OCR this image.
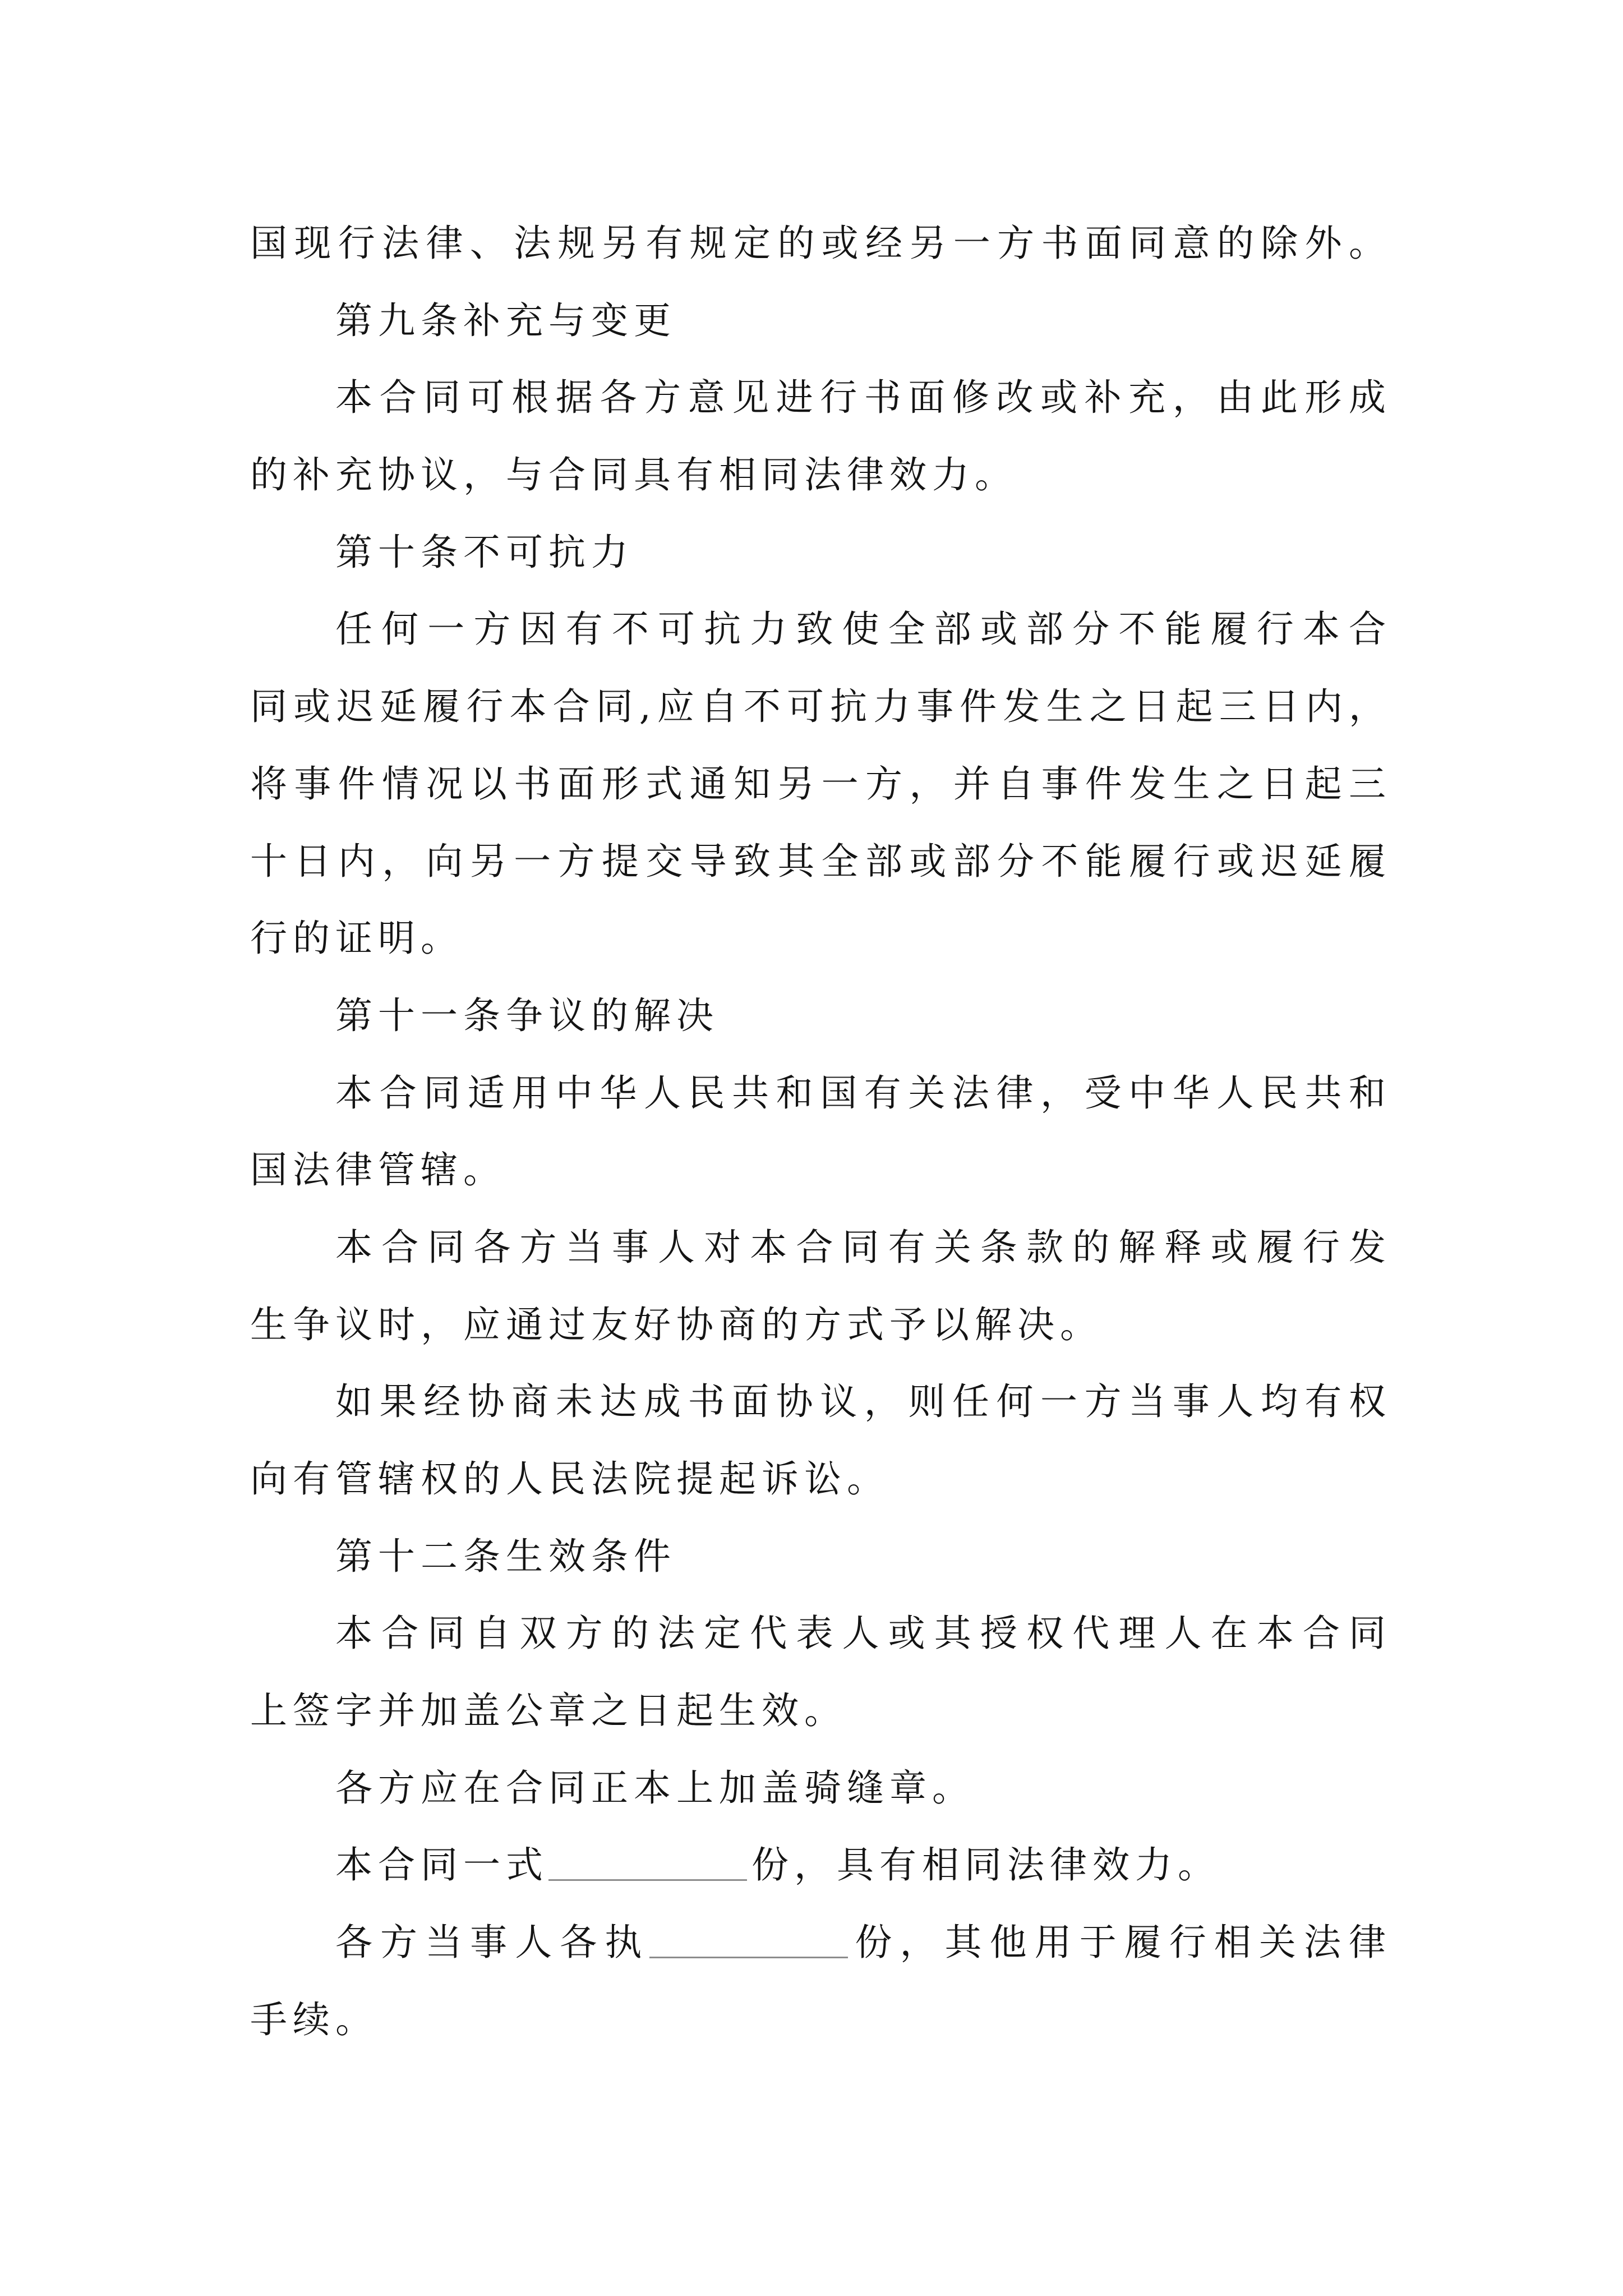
国现行法律、法规另有规定的或经另一方书面同意的除外。
第九条补充与变更
本合同可根据各方意见进行书面修改或补充，由此形成
的补充协议，与合同具有相同法律效力。
第十条不可抗力
任何一方因有不可抗力致使全部或部分不能履行本合
同或迟延履行本合同,应自不可抗力事件发生之日起三日内，
将事件情况以书面形式通知另一方，并自事件发生之日起三
十日内，向另一方提交导致其全部或部分不能履行或迟延履
行的证明。
第十一条争议的解决
本合同适用中华人民共和国有关法律，受中华人民共和
国法律管辖。
本合同各方当事人对本合同有关条款的解释或履行发
生争议时，应通过友好协商的方式予以解决。
如果经协商未达成书面协议，则任何一方当事人均有权
向有管辖权的人民法院提起诉讼。
第十二条生效条件
本合同自双方的法定代表人或其授权代理人在本合同
上签字并加盖公章之日起生效。
各方应在合同正本上加盖骑缝章。
本合同一式	份，具有相同法律效力。
各方当事人各执	份，其他用于履行相关法律
手续。
